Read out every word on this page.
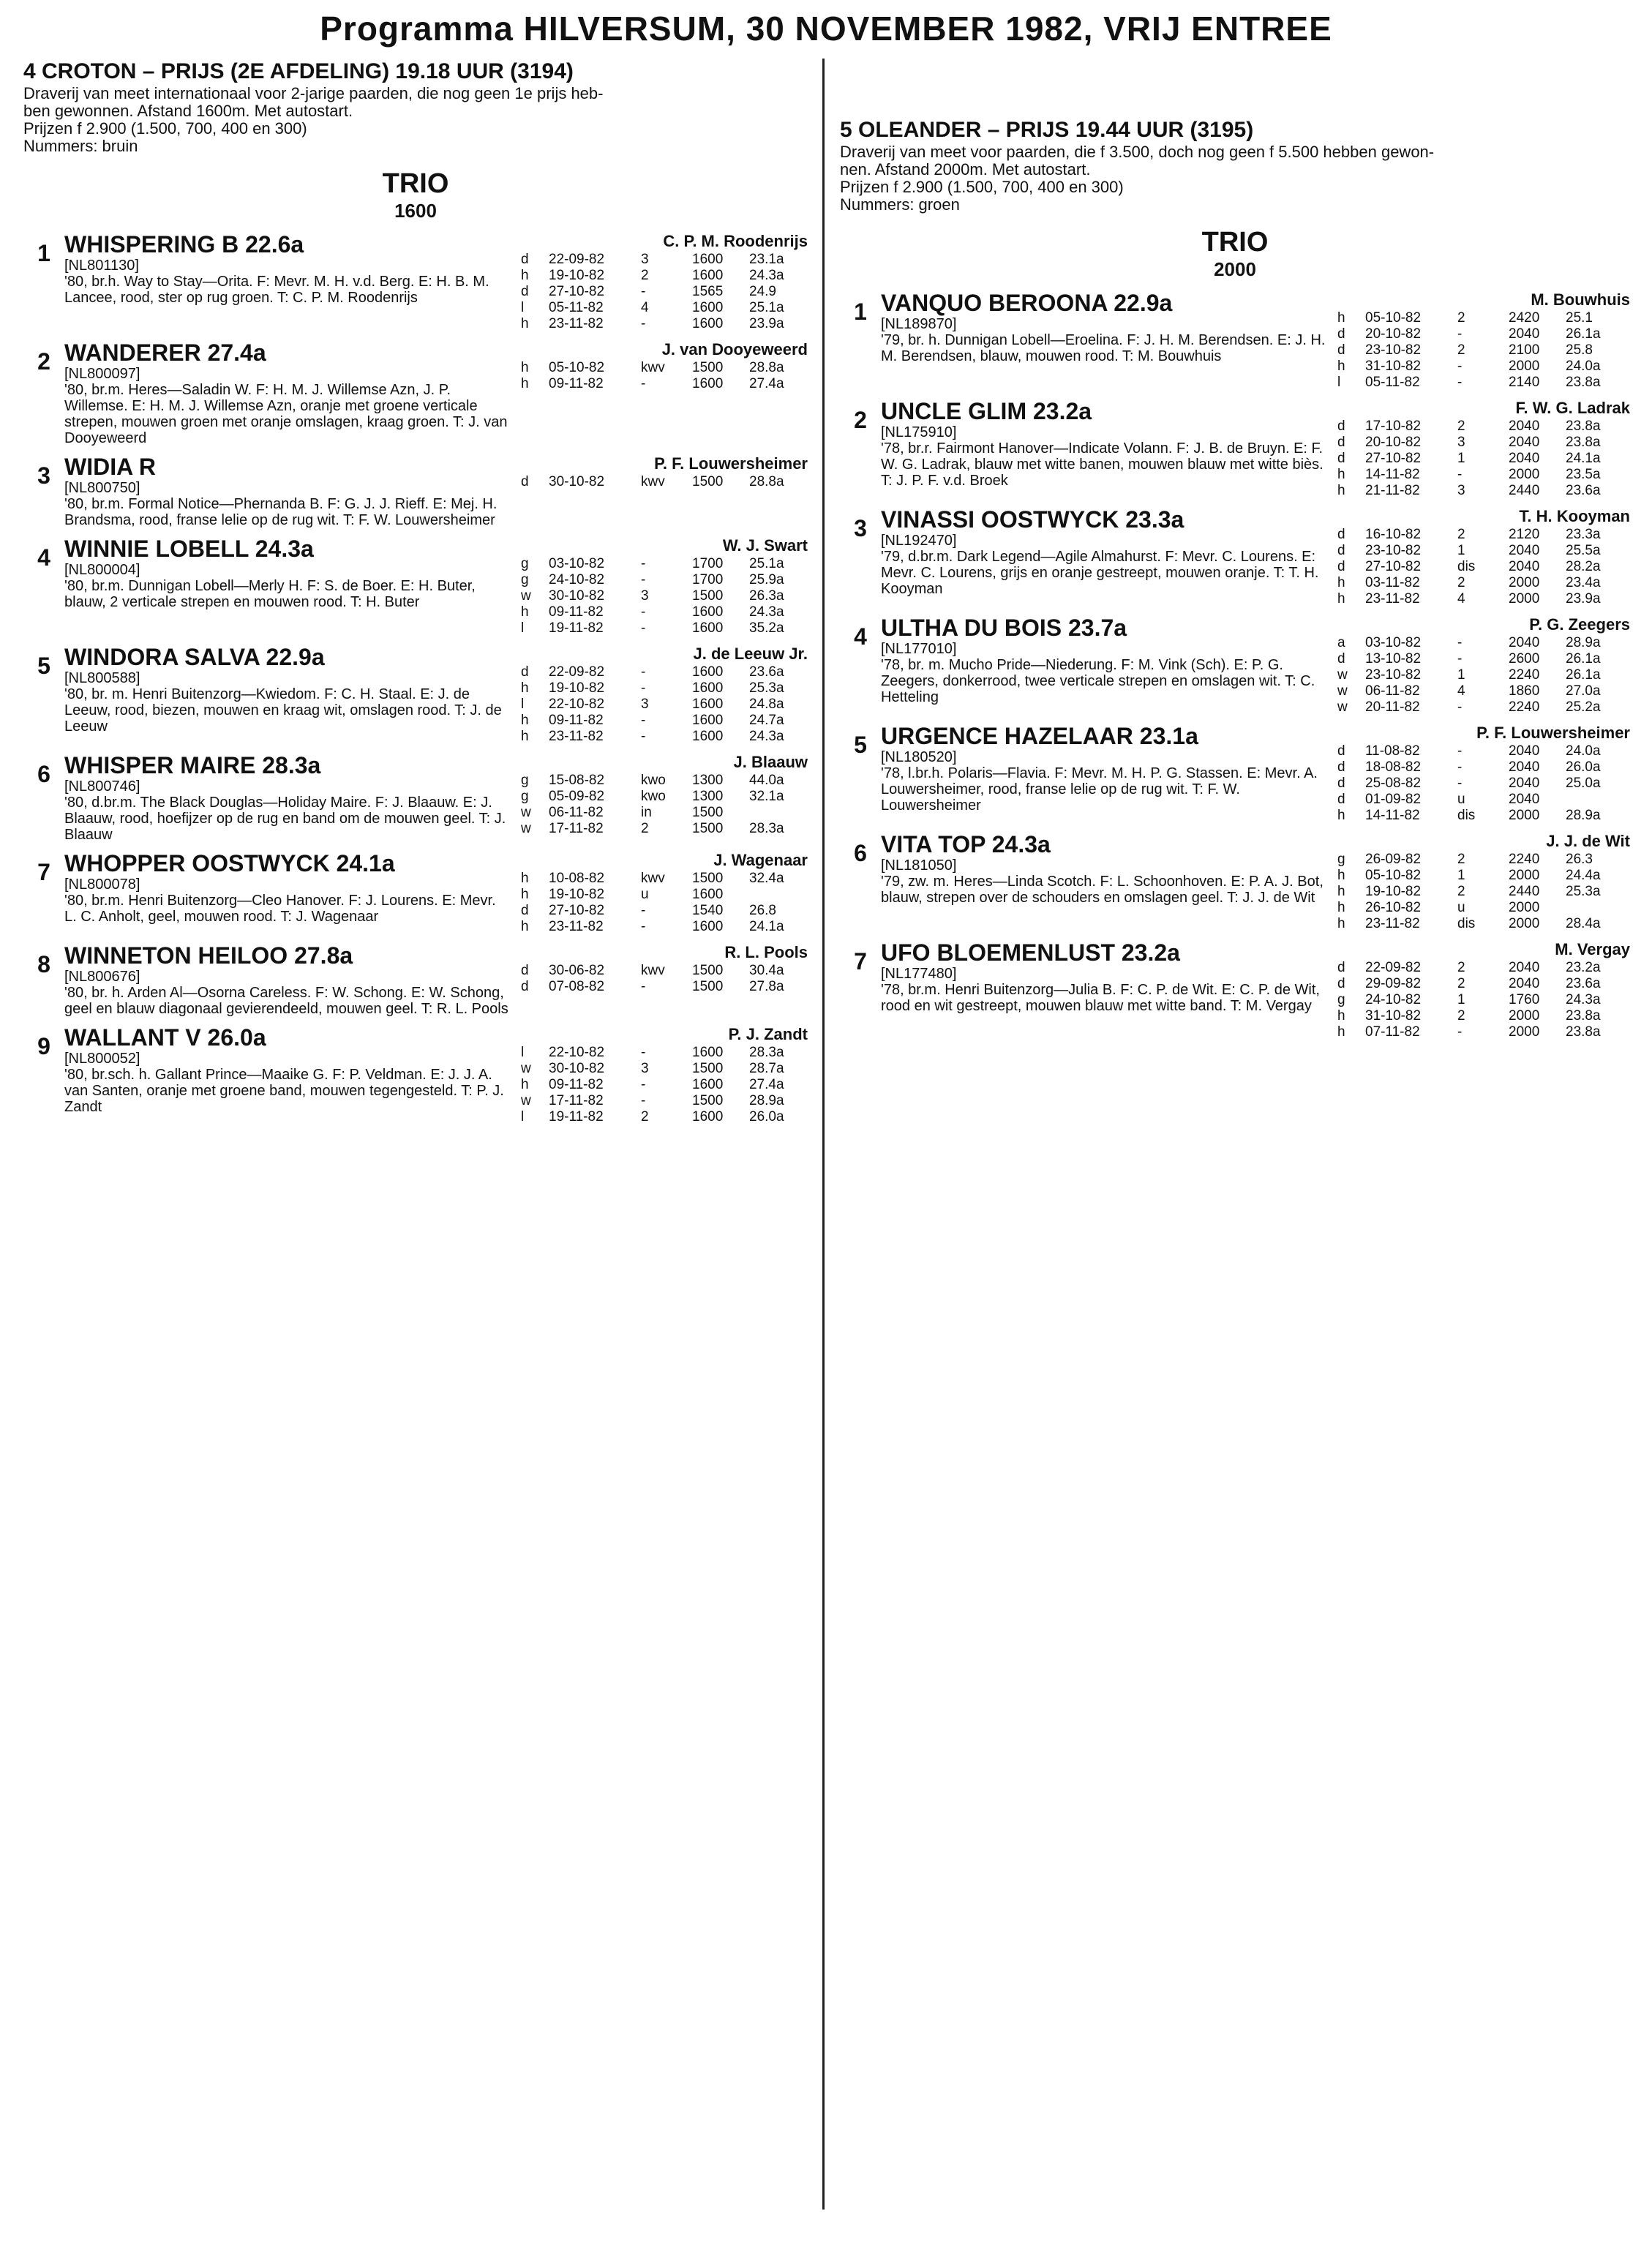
Programma HILVERSUM, 30 NOVEMBER 1982, VRIJ ENTREE
4 CROTON – PRIJS (2E AFDELING) 19.18 UUR (3194)
Draverij van meet internationaal voor 2-jarige paarden, die nog geen 1e prijs heb-
ben gewonnen. Afstand 1600m. Met autostart.
Prijzen f 2.900 (1.500, 700, 400 en 300)
Nummers: bruin
TRIO
1600
1 WHISPERING B 22.6a
[NL801130]
'80, br.h. Way to Stay—Orita. F: Mevr. M. H. v.d. Berg. E: H. B. M. Lancee, rood, ster op rug groen. T: C. P. M. Roodenrijs
C. P. M. Roodenrijs
d	22-09-82	3	1600	23.1a
h	19-10-82	2	1600	24.3a
d	27-10-82	-	1565	24.9
l	05-11-82	4	1600	25.1a
h	23-11-82	-	1600	23.9a
2 WANDERER 27.4a
[NL800097]
'80, br.m. Heres—Saladin W. F: H. M. J. Willemse Azn, J. P. Willemse. E: H. M. J. Willemse Azn, oranje met groene verticale strepen, mouwen groen met oranje omslagen, kraag groen. T: J. van Dooyeweerd
J. van Dooyeweerd
h	05-10-82	kwv	1500	28.8a
h	09-11-82	-	1600	27.4a
3 WIDIA R
[NL800750]
'80, br.m. Formal Notice—Phernanda B. F: G. J. J. Rieff. E: Mej. H. Brandsma, rood, franse lelie op de rug wit. T: F. W. Louwersheimer
P. F. Louwersheimer
d	30-10-82	kwv	1500	28.8a
4 WINNIE LOBELL 24.3a
[NL800004]
'80, br.m. Dunnigan Lobell—Merly H. F: S. de Boer. E: H. Buter, blauw, 2 verticale strepen en mouwen rood. T: H. Buter
W. J. Swart
g	03-10-82	-	1700	25.1a
g	24-10-82	-	1700	25.9a
w	30-10-82	3	1500	26.3a
h	09-11-82	-	1600	24.3a
l	19-11-82	-	1600	35.2a
5 WINDORA SALVA 22.9a
[NL800588]
'80, br. m. Henri Buitenzorg—Kwiedom. F: C. H. Staal. E: J. de Leeuw, rood, biezen, mouwen en kraag wit, omslagen rood. T: J. de Leeuw
J. de Leeuw Jr.
d	22-09-82	-	1600	23.6a
h	19-10-82	-	1600	25.3a
l	22-10-82	3	1600	24.8a
h	09-11-82	-	1600	24.7a
h	23-11-82	-	1600	24.3a
6 WHISPER MAIRE 28.3a
[NL800746]
'80, d.br.m. The Black Douglas—Holiday Maire. F: J. Blaauw. E: J. Blaauw, rood, hoefijzer op de rug en band om de mouwen geel. T: J. Blaauw
J. Blaauw
g	15-08-82	kwo	1300	44.0a
g	05-09-82	kwo	1300	32.1a
w	06-11-82	in	1500	
w	17-11-82	2	1500	28.3a
7 WHOPPER OOSTWYCK 24.1a
[NL800078]
'80, br.m. Henri Buitenzorg—Cleo Hanover. F: J. Lourens. E: Mevr. L. C. Anholt, geel, mouwen rood. T: J. Wagenaar
J. Wagenaar
h	10-08-82	kwv	1500	32.4a
h	19-10-82	u	1600	
d	27-10-82	-	1540	26.8
h	23-11-82	-	1600	24.1a
8 WINNETON HEILOO 27.8a
[NL800676]
'80, br. h. Arden Al—Osorna Careless. F: W. Schong. E: W. Schong, geel en blauw diagonaal gevierendeeld, mouwen geel. T: R. L. Pools
R. L. Pools
d	30-06-82	kwv	1500	30.4a
d	07-08-82	-	1500	27.8a
9 WALLANT V 26.0a
[NL800052]
'80, br.sch. h. Gallant Prince—Maaike G. F: P. Veldman. E: J. J. A. van Santen, oranje met groene band, mouwen tegengesteld. T: P. J. Zandt
P. J. Zandt
l	22-10-82	-	1600	28.3a
w	30-10-82	3	1500	28.7a
h	09-11-82	-	1600	27.4a
w	17-11-82	-	1500	28.9a
l	19-11-82	2	1600	26.0a
5 OLEANDER – PRIJS 19.44 UUR (3195)
Draverij van meet voor paarden, die f 3.500, doch nog geen f 5.500 hebben gewon-
nen. Afstand 2000m. Met autostart.
Prijzen f 2.900 (1.500, 700, 400 en 300)
Nummers: groen
TRIO
2000
1 VANQUO BEROONA 22.9a
[NL189870]
'79, br. h. Dunnigan Lobell—Eroelina. F: J. H. M. Berendsen. E: J. H. M. Berendsen, blauw, mouwen rood. T: M. Bouwhuis
M. Bouwhuis
h	05-10-82	2	2420	25.1
d	20-10-82	-	2040	26.1a
d	23-10-82	2	2100	25.8
h	31-10-82	-	2000	24.0a
l	05-11-82	-	2140	23.8a
2 UNCLE GLIM 23.2a
[NL175910]
'78, br.r. Fairmont Hanover—Indicate Volann. F: J. B. de Bruyn. E: F. W. G. Ladrak, blauw met witte banen, mouwen blauw met witte biès. T: J. P. F. v.d. Broek
F. W. G. Ladrak
d	17-10-82	2	2040	23.8a
d	20-10-82	3	2040	23.8a
d	27-10-82	1	2040	24.1a
h	14-11-82	-	2000	23.5a
h	21-11-82	3	2440	23.6a
3 VINASSI OOSTWYCK 23.3a
[NL192470]
'79, d.br.m. Dark Legend—Agile Almahurst. F: Mevr. C. Lourens. E: Mevr. C. Lourens, grijs en oranje gestreept, mouwen oranje. T: T. H. Kooyman
T. H. Kooyman
d	16-10-82	2	2120	23.3a
d	23-10-82	1	2040	25.5a
d	27-10-82	dis	2040	28.2a
h	03-11-82	2	2000	23.4a
h	23-11-82	4	2000	23.9a
4 ULTHA DU BOIS 23.7a
[NL177010]
'78, br. m. Mucho Pride—Niederung. F: M. Vink (Sch). E: P. G. Zeegers, donkerrood, twee verticale strepen en omslagen wit. T: C. Hetteling
P. G. Zeegers
a	03-10-82	-	2040	28.9a
d	13-10-82	-	2600	26.1a
w	23-10-82	1	2240	26.1a
w	06-11-82	4	1860	27.0a
w	20-11-82	-	2240	25.2a
5 URGENCE HAZELAAR 23.1a
[NL180520]
'78, l.br.h. Polaris—Flavia. F: Mevr. M. H. P. G. Stassen. E: Mevr. A. Louwersheimer, rood, franse lelie op de rug wit. T: F. W. Louwersheimer
P. F. Louwersheimer
d	11-08-82	-	2040	24.0a
d	18-08-82	-	2040	26.0a
d	25-08-82	-	2040	25.0a
d	01-09-82	u	2040	
h	14-11-82	dis	2000	28.9a
6 VITA TOP 24.3a
[NL181050]
'79, zw. m. Heres—Linda Scotch. F: L. Schoonhoven. E: P. A. J. Bot, blauw, strepen over de schouders en omslagen geel. T: J. J. de Wit
J. J. de Wit
g	26-09-82	2	2240	26.3
h	05-10-82	1	2000	24.4a
h	19-10-82	2	2440	25.3a
h	26-10-82	u	2000	
h	23-11-82	dis	2000	28.4a
7 UFO BLOEMENLUST 23.2a
[NL177480]
'78, br.m. Henri Buitenzorg—Julia B. F: C. P. de Wit. E: C. P. de Wit, rood en wit gestreept, mouwen blauw met witte band. T: M. Vergay
M. Vergay
d	22-09-82	2	2040	23.2a
d	29-09-82	2	2040	23.6a
g	24-10-82	1	1760	24.3a
h	31-10-82	2	2000	23.8a
h	07-11-82	-	2000	23.8a
